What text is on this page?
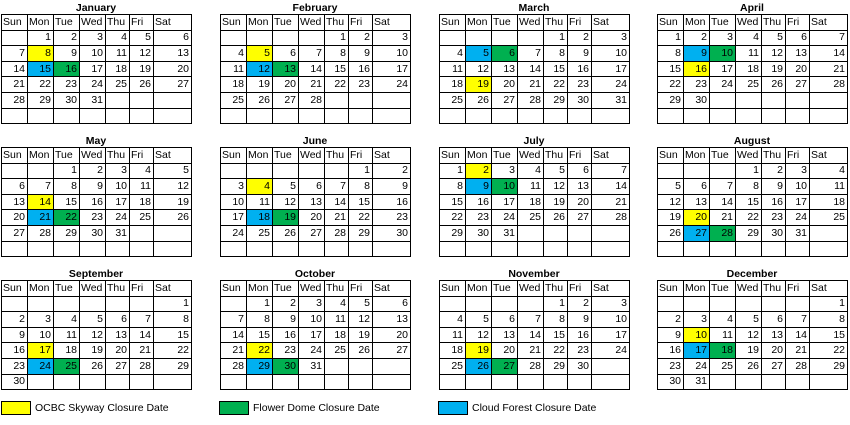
January
Sun	Mon	Tue	Wed	Thu	Fri	Sat
	1	2	3	4	5	6
7	8	9	10	11	12	13
14	15	16	17	18	19	20
21	22	23	24	25	26	27
28	29	30	31			

February
Sun	Mon	Tue	Wed	Thu	Fri	Sat
				1	2	3
4	5	6	7	8	9	10
11	12	13	14	15	16	17
18	19	20	21	22	23	24
25	26	27	28			

March
Sun	Mon	Tue	Wed	Thu	Fri	Sat
				1	2	3
4	5	6	7	8	9	10
11	12	13	14	15	16	17
18	19	20	21	22	23	24
25	26	27	28	29	30	31

April
Sun	Mon	Tue	Wed	Thu	Fri	Sat
1	2	3	4	5	6	7
8	9	10	11	12	13	14
15	16	17	18	19	20	21
22	23	24	25	26	27	28
29	30					

May
Sun	Mon	Tue	Wed	Thu	Fri	Sat
		1	2	3	4	5
6	7	8	9	10	11	12
13	14	15	16	17	18	19
20	21	22	23	24	25	26
27	28	29	30	31		

June
Sun	Mon	Tue	Wed	Thu	Fri	Sat
					1	2
3	4	5	6	7	8	9
10	11	12	13	14	15	16
17	18	19	20	21	22	23
24	25	26	27	28	29	30

July
Sun	Mon	Tue	Wed	Thu	Fri	Sat
1	2	3	4	5	6	7
8	9	10	11	12	13	14
15	16	17	18	19	20	21
22	23	24	25	26	27	28
29	30	31				

August
Sun	Mon	Tue	Wed	Thu	Fri	Sat
			1	2	3	4
5	6	7	8	9	10	11
12	13	14	15	16	17	18
19	20	21	22	23	24	25
26	27	28	29	30	31	

September
Sun	Mon	Tue	Wed	Thu	Fri	Sat
						1
2	3	4	5	6	7	8
9	10	11	12	13	14	15
16	17	18	19	20	21	22
23	24	25	26	27	28	29
30						
October
Sun	Mon	Tue	Wed	Thu	Fri	Sat
	1	2	3	4	5	6
7	8	9	10	11	12	13
14	15	16	17	18	19	20
21	22	23	24	25	26	27
28	29	30	31			

November
Sun	Mon	Tue	Wed	Thu	Fri	Sat
				1	2	3
4	5	6	7	8	9	10
11	12	13	14	15	16	17
18	19	20	21	22	23	24
25	26	27	28	29	30	

December
Sun	Mon	Tue	Wed	Thu	Fri	Sat
						1
2	3	4	5	6	7	8
9	10	11	12	13	14	15
16	17	18	19	20	21	22
23	24	25	26	27	28	29
30	31					
OCBC Skyway Closure Date	Flower Dome Closure Date	Cloud Forest Closure Date
